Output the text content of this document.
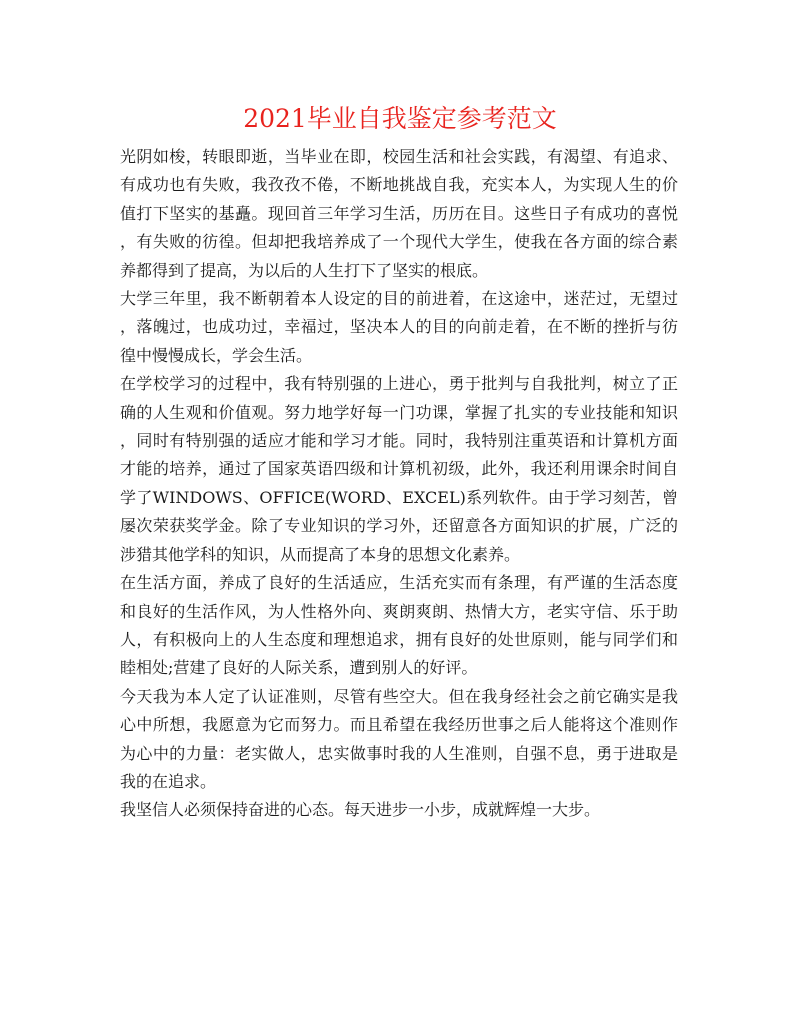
2021毕业自我鉴定参考范文

光阴如梭，转眼即逝，当毕业在即，校园生活和社会实践，有渴望、有追求、有成功也有失败，我孜孜不倦，不断地挑战自我，充实本人，为实现人生的价值打下坚实的基矗。现回首三年学习生活，历历在目。这些日子有成功的喜悦，有失败的彷徨。但却把我培养成了一个现代大学生，使我在各方面的综合素养都得到了提高，为以后的人生打下了坚实的根底。

大学三年里，我不断朝着本人设定的目的前进着，在这途中，迷茫过，无望过，落魄过，也成功过，幸福过，坚决本人的目的向前走着，在不断的挫折与彷徨中慢慢成长，学会生活。

在学校学习的过程中，我有特别强的上进心，勇于批判与自我批判，树立了正确的人生观和价值观。努力地学好每一门功课，掌握了扎实的专业技能和知识，同时有特别强的适应才能和学习才能。同时，我特别注重英语和计算机方面才能的培养，通过了国家英语四级和计算机初级，此外，我还利用课余时间自学了WINDOWS、OFFICE(WORD、EXCEL)系列软件。由于学习刻苦，曾屡次荣获奖学金。除了专业知识的学习外，还留意各方面知识的扩展，广泛的涉猎其他学科的知识，从而提高了本身的思想文化素养。

在生活方面，养成了良好的生活适应，生活充实而有条理，有严谨的生活态度和良好的生活作风，为人性格外向、爽朗爽朗、热情大方，老实守信、乐于助人，有积极向上的人生态度和理想追求，拥有良好的处世原则，能与同学们和睦相处;营建了良好的人际关系，遭到别人的好评。

今天我为本人定了认证准则，尽管有些空大。但在我身经社会之前它确实是我心中所想，我愿意为它而努力。而且希望在我经历世事之后人能将这个准则作为心中的力量：老实做人，忠实做事时我的人生准则，自强不息，勇于进取是我的在追求。

我坚信人必须保持奋进的心态。每天进步一小步，成就辉煌一大步。
